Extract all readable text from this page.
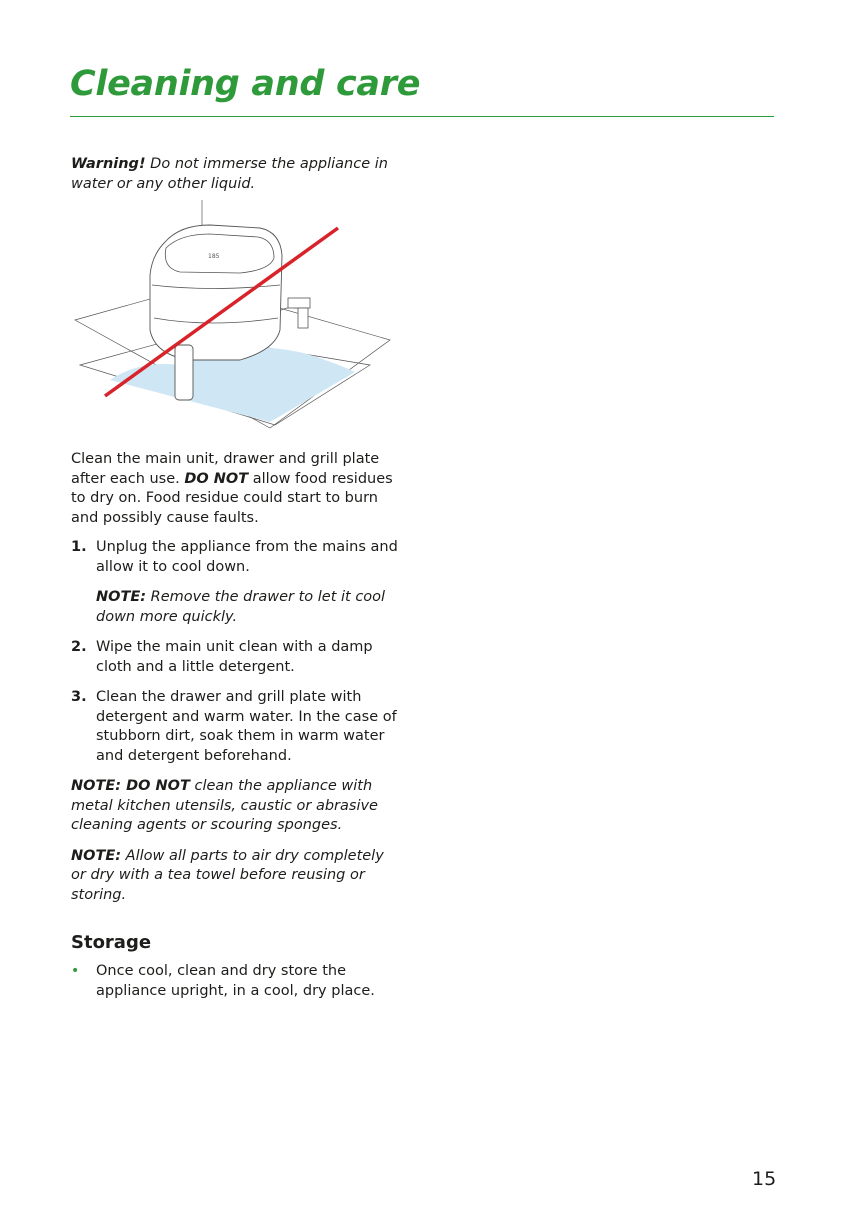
Cleaning and care

Warning! Do not immerse the appliance in water or any other liquid.

185

Clean the main unit, drawer and grill plate after each use. DO NOT allow food residues to dry on. Food residue could start to burn and possibly cause faults.

1. Unplug the appliance from the mains and allow it to cool down.

NOTE: Remove the drawer to let it cool down more quickly.

2. Wipe the main unit clean with a damp cloth and a little detergent.
3. Clean the drawer and grill plate with detergent and warm water. In the case of stubborn dirt, soak them in warm water and detergent beforehand.

NOTE: DO NOT clean the appliance with metal kitchen utensils, caustic or abrasive cleaning agents or scouring sponges.

NOTE: Allow all parts to air dry completely or dry with a tea towel before reusing or storing.

Storage
•	Once cool, clean and dry store the appliance upright, in a cool, dry place.
15
